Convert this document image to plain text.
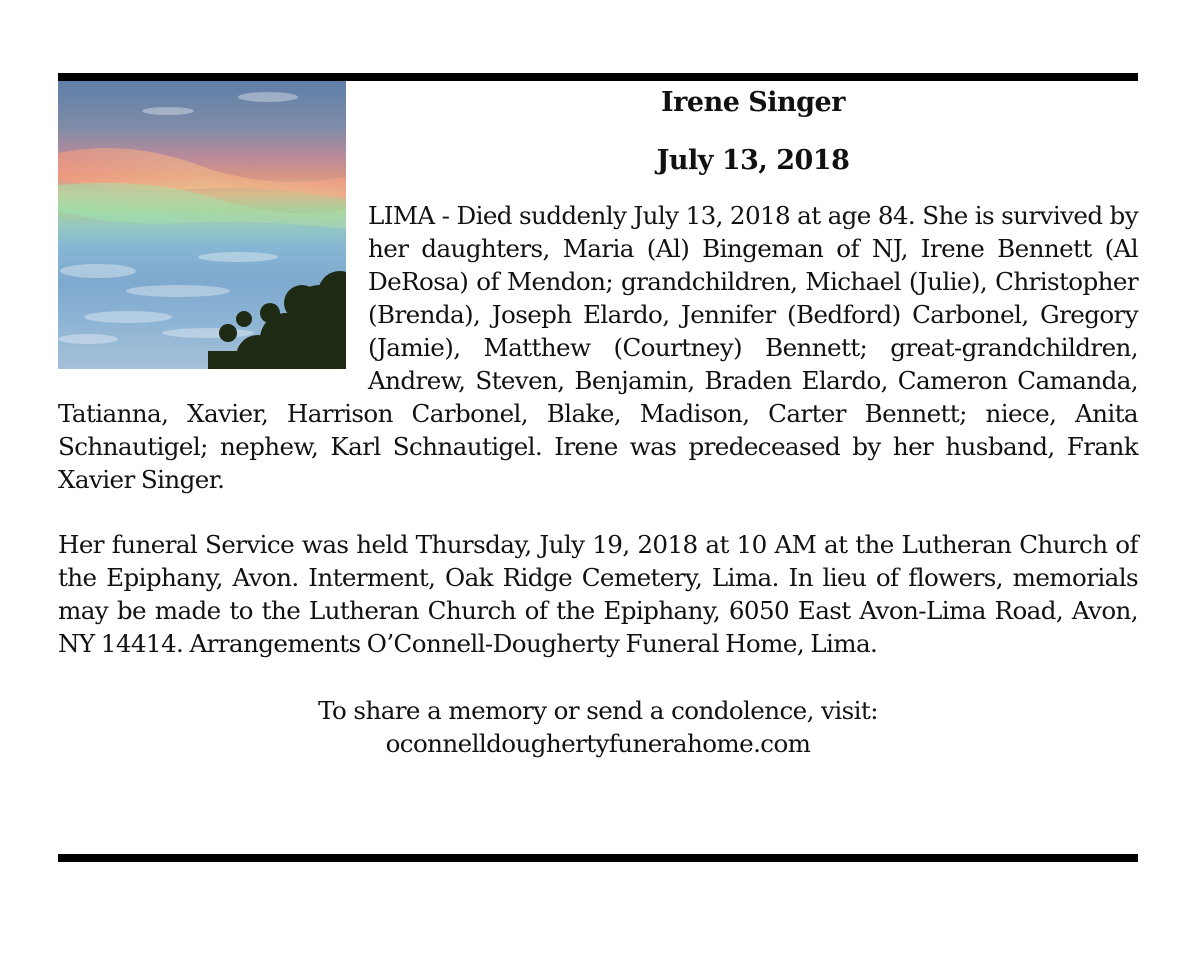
Irene Singer
July 13, 2018

LIMA - Died suddenly July 13, 2018 at age 84. She is survived by her daughters, Maria (Al) Bingeman of NJ, Irene Bennett (Al DeRosa) of Mendon; grandchildren, Michael (Julie), Christopher (Brenda), Joseph Elardo, Jennifer (Bedford) Carbonel, Gregory (Jamie), Matthew (Courtney) Bennett; great-grandchildren, Andrew, Steven, Benjamin, Braden Elardo, Cameron Camanda, Tatianna, Xavier, Harrison Carbonel, Blake, Madison, Carter Bennett; niece, Anita Schnautigel; nephew, Karl Schnautigel. Irene was predeceased by her husband, Frank Xavier Singer.

Her funeral Service was held Thursday, July 19, 2018 at 10 AM at the Lutheran Church of the Epiphany, Avon. Interment, Oak Ridge Cemetery, Lima. In lieu of flowers, memorials may be made to the Lutheran Church of the Epiphany, 6050 East Avon-Lima Road, Avon, NY 14414. Arrangements O’Connell-Dougherty Funeral Home, Lima.

To share a memory or send a condolence, visit:
oconnelldoughertyfunerahome.com
